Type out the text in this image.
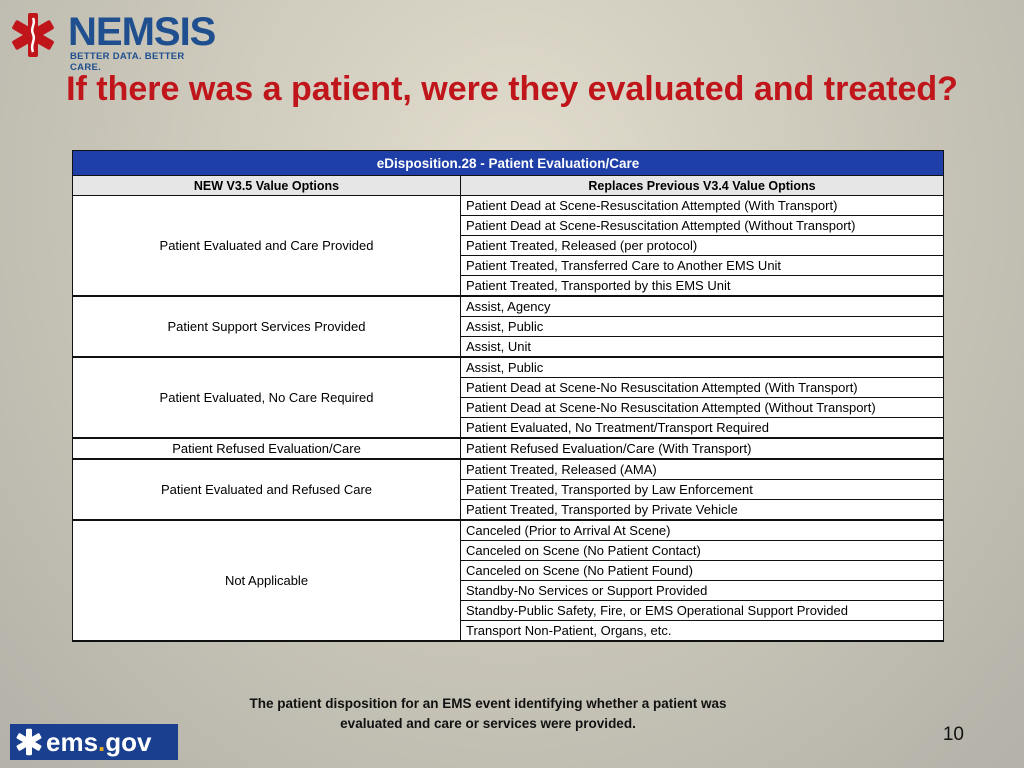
NEMSIS
BETTER DATA. BETTER CARE.
If there was a patient, were they evaluated and treated?
eDisposition.28 - Patient Evaluation/Care	
NEW V3.5 Value Options	Replaces Previous V3.4 Value Options
Patient Evaluated and Care Provided	Patient Dead at Scene-Resuscitation Attempted (With Transport)
	Patient Dead at Scene-Resuscitation Attempted (Without Transport)
	Patient Treated, Released (per protocol)
	Patient Treated, Transferred Care to Another EMS Unit
	Patient Treated, Transported by this EMS Unit
Patient Support Services Provided	Assist, Agency
	Assist, Public
	Assist, Unit
Patient Evaluated, No Care Required	Assist, Public
	Patient Dead at Scene-No Resuscitation Attempted (With Transport)
	Patient Dead at Scene-No Resuscitation Attempted (Without Transport)
	Patient Evaluated, No Treatment/Transport Required
Patient Refused Evaluation/Care	Patient Refused Evaluation/Care (With Transport)
Patient Evaluated and Refused Care	Patient Treated, Released (AMA)
	Patient Treated, Transported by Law Enforcement
	Patient Treated, Transported by Private Vehicle
Not Applicable	Canceled (Prior to Arrival At Scene)
	Canceled on Scene (No Patient Contact)
	Canceled on Scene (No Patient Found)
	Standby-No Services or Support Provided
	Standby-Public Safety, Fire, or EMS Operational Support Provided
	Transport Non-Patient, Organs, etc.
The patient disposition for an EMS event identifying whether a patient was evaluated and care or services were provided.
10
ems.gov
